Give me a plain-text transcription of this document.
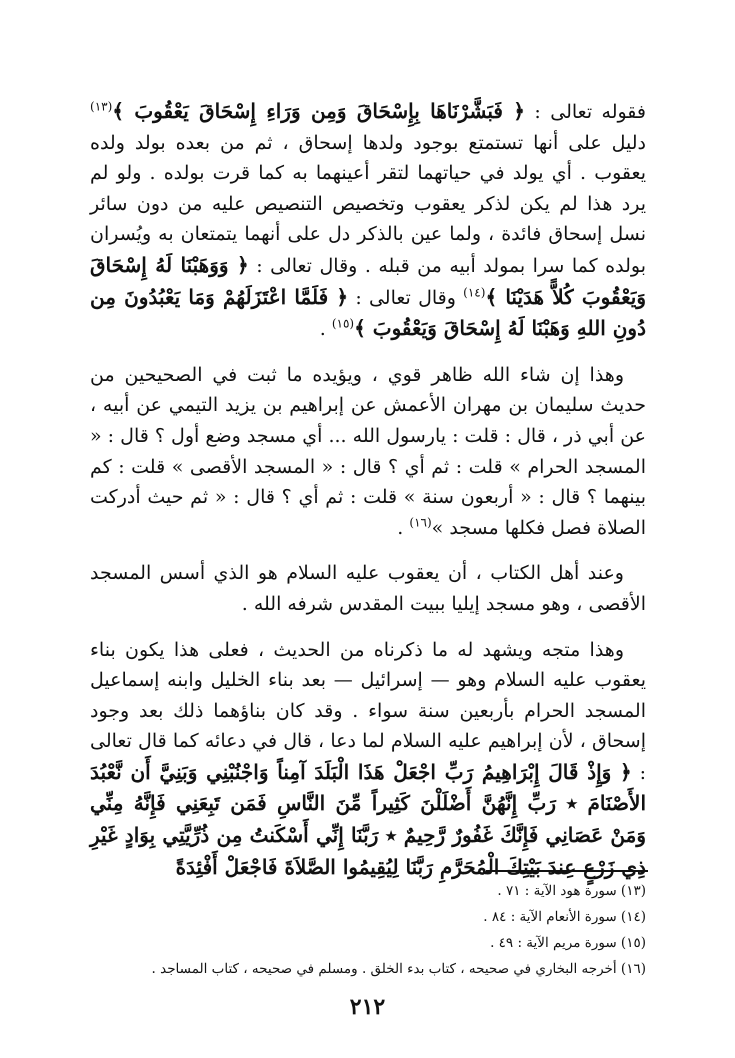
فقوله تعالى : ﴿ فَبَشَّرْنَاهَا بِإِسْحَاقَ وَمِن وَرَاءِ إِسْحَاقَ يَعْقُوبَ ﴾$^{(١٣)}$ دليل على أنها تستمتع بوجود ولدها إسحاق ، ثم من بعده بولد ولده يعقوب . أي يولد في حياتهما لتقر أعينهما به كما قرت بولده . ولو لم يرد هذا لم يكن لذكر يعقوب وتخصيص التنصيص عليه من دون سائر نسل إسحاق فائدة ، ولما عين بالذكر دل على أنهما يتمتعان به ويُسران بولده كما سرا بمولد أبيه من قبله . وقال تعالى : ﴿ وَوَهَبْنَا لَهُ إِسْحَاقَ وَيَعْقُوبَ كُلاًّ هَدَيْنَا ﴾$^{(١٤)}$ وقال تعالى : ﴿ فَلَمَّا اعْتَزَلَهُمْ وَمَا يَعْبُدُونَ مِن دُونِ اللهِ وَهَبْنَا لَهُ إِسْحَاقَ وَيَعْقُوبَ ﴾$^{(١٥)}$ .

وهذا إن شاء الله ظاهر قوي ، ويؤيده ما ثبت في الصحيحين من حديث سليمان بن مهران الأعمش عن إبراهيم بن يزيد التيمي عن أبيه ، عن أبي ذر ، قال : قلت : يارسول الله ... أي مسجد وضع أول ؟ قال : « المسجد الحرام » قلت : ثم أي ؟ قال : « المسجد الأقصى » قلت : كم بينهما ؟ قال : « أربعون سنة » قلت : ثم أي ؟ قال : « ثم حيث أدركت الصلاة فصل فكلها مسجد »$^{(١٦)}$ .

وعند أهل الكتاب ، أن يعقوب عليه السلام هو الذي أسس المسجد الأقصى ، وهو مسجد إيليا ببيت المقدس شرفه الله .

وهذا متجه ويشهد له ما ذكرناه من الحديث ، فعلى هذا يكون بناء يعقوب عليه السلام وهو — إسرائيل — بعد بناء الخليل وابنه إسماعيل المسجد الحرام بأربعين سنة سواء . وقد كان بناؤهما ذلك بعد وجود إسحاق ، لأن إبراهيم عليه السلام لما دعا ، قال في دعائه كما قال تعالى : ﴿ وَإِذْ قَالَ إِبْرَاهِيمُ رَبِّ اجْعَلْ هَذَا الْبَلَدَ آمِناً وَاجْنُبْنِي وَبَنِيَّ أَن نَّعْبُدَ الأَصْنَامَ ٭ رَبِّ إِنَّهُنَّ أَضْلَلْنَ كَثِيراً مِّنَ النَّاسِ فَمَن تَبِعَنِي فَإِنَّهُ مِنِّي وَمَنْ عَصَانِي فَإِنَّكَ غَفُورٌ رَّحِيمٌ ٭ رَبَّنَا إِنِّي أَسْكَنتُ مِن ذُرِّيَّتِي بِوَادٍ غَيْرِ ذِي زَرْعٍ عِندَ بَيْتِكَ الْمُحَرَّمِ رَبَّنَا لِيُقِيمُوا الصَّلاَةَ فَاجْعَلْ أَفْئِدَةً

(١٣) سورة هود الآية : ٧١ .
(١٤) سورة الأنعام الآية : ٨٤ .
(١٥) سورة مريم الآية : ٤٩ .
(١٦) أخرجه البخاري في صحيحه ، كتاب بدء الخلق . ومسلم في صحيحه ، كتاب المساجد .
٢١٢
